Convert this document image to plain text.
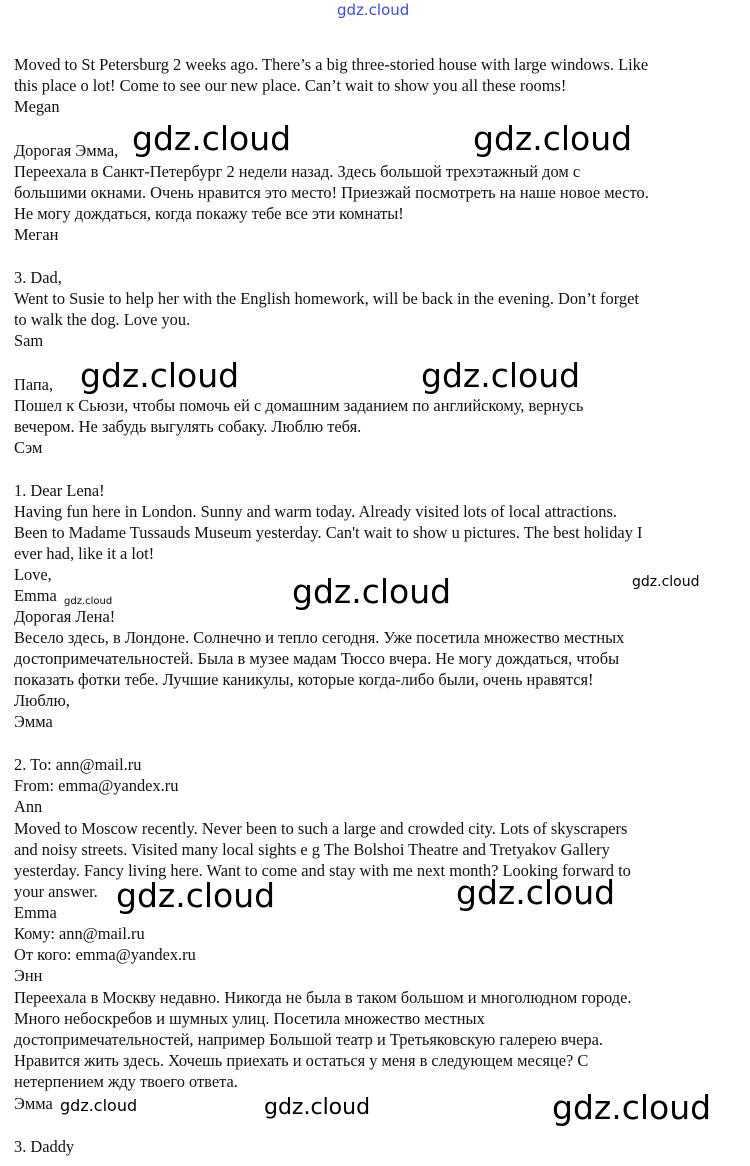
gdz.cloud
Moved to St Petersburg 2 weeks ago. There’s a big three-storied house with large windows. Like
this place o lot! Come to see our new place. Can’t wait to show you all these rooms!
Megan
Дорогая Эмма,
Переехала в Санкт-Петербург 2 недели назад. Здесь большой трехэтажный дом с
большими окнами. Очень нравится это место! Приезжай посмотреть на наше новое место.
Не могу дождаться, когда покажу тебе все эти комнаты!
Меган
3. Dad,
Went to Susie to help her with the English homework, will be back in the evening. Don’t forget
to walk the dog. Love you.
Sam
Папа,
Пошел к Сьюзи, чтобы помочь ей с домашним заданием по английскому, вернусь
вечером. Не забудь выгулять собаку. Люблю тебя.
Сэм
1. Dear Lena!
Having fun here in London. Sunny and warm today. Already visited lots of local attractions.
Been to Madame Tussauds Museum yesterday. Can't wait to show u pictures. The best holiday I
ever had, like it a lot!
Love,
Emma
Дорогая Лена!
Весело здесь, в Лондоне. Солнечно и тепло сегодня. Уже посетила множество местных
достопримечательностей. Была в музее мадам Тюссо вчера. Не могу дождаться, чтобы
показать фотки тебе. Лучшие каникулы, которые когда-либо были, очень нравятся!
Люблю,
Эмма
2. To: ann@mail.ru
From: emma@yandex.ru
Ann
Moved to Moscow recently. Never been to such a large and crowded city. Lots of skyscrapers
and noisy streets. Visited many local sights e g The Bolshoi Theatre and Tretyakov Gallery
yesterday. Fancy living here. Want to come and stay with me next month? Looking forward to
your answer.
Emma
Кому: ann@mail.ru
От кого: emma@yandex.ru
Энн
Переехала в Москву недавно. Никогда не была в таком большом и многолюдном городе.
Много небоскребов и шумных улиц. Посетила множество местных
достопримечательностей, например Большой театр и Третьяковскую галерею вчера.
Нравится жить здесь. Хочешь приехать и остаться у меня в следующем месяце? С
нетерпением жду твоего ответа.
Эмма
3. Daddy
gdz.cloud	gdz.cloud
gdz.cloud	gdz.cloud
gdz.cloud	gdz.cloud
gdz.cloud
gdz.cloud	gdz.cloud
gdz.cloud	gdz.cloud	gdz.cloud
